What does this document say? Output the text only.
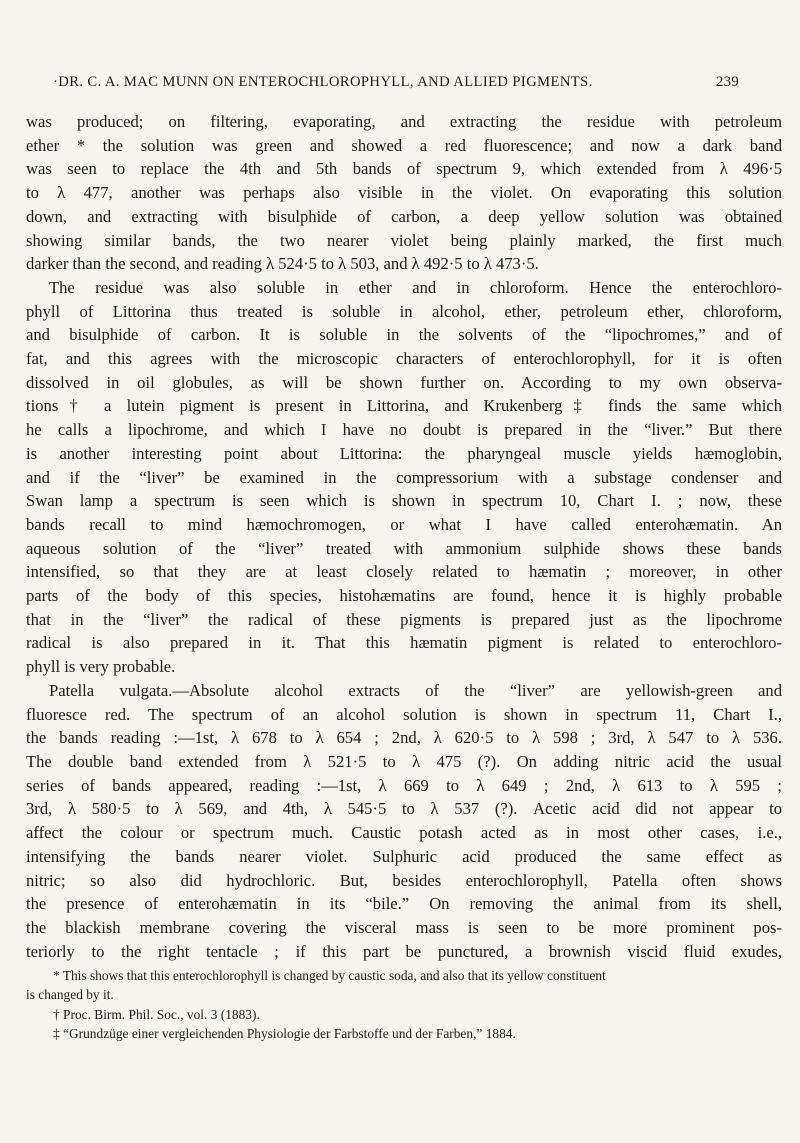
·DR. C. A. MAC MUNN ON ENTEROCHLOROPHYLL, AND ALLIED PIGMENTS.	239
was produced; on filtering, evaporating, and extracting the residue with petroleum
ether * the solution was green and showed a red fluorescence; and now a dark band
was seen to replace the 4th and 5th bands of spectrum 9, which extended from λ 496·5
to λ 477, another was perhaps also visible in the violet. On evaporating this solution
down, and extracting with bisulphide of carbon, a deep yellow solution was obtained
showing similar bands, the two nearer violet being plainly marked, the first much
darker than the second, and reading λ 524·5 to λ 503, and λ 492·5 to λ 473·5.
The residue was also soluble in ether and in chloroform. Hence the enterochloro-
phyll of Littorina thus treated is soluble in alcohol, ether, petroleum ether, chloroform,
and bisulphide of carbon. It is soluble in the solvents of the “lipochromes,” and of
fat, and this agrees with the microscopic characters of enterochlorophyll, for it is often
dissolved in oil globules, as will be shown further on. According to my own observa-
tions† a lutein pigment is present in Littorina, and Krukenberg‡ finds the same which
he calls a lipochrome, and which I have no doubt is prepared in the “liver.” But there
is another interesting point about Littorina: the pharyngeal muscle yields hæmoglobin,
and if the “liver” be examined in the compressorium with a substage condenser and
Swan lamp a spectrum is seen which is shown in spectrum 10, Chart I. ; now, these
bands recall to mind hæmochromogen, or what I have called enterohæmatin. An
aqueous solution of the “liver” treated with ammonium sulphide shows these bands
intensified, so that they are at least closely related to hæmatin ; moreover, in other
parts of the body of this species, histohæmatins are found, hence it is highly probable
that in the “liver” the radical of these pigments is prepared just as the lipochrome
radical is also prepared in it. That this hæmatin pigment is related to enterochloro-
phyll is very probable.
Patella vulgata.—Absolute alcohol extracts of the “liver” are yellowish-green and
fluoresce red. The spectrum of an alcohol solution is shown in spectrum 11, Chart I.,
the bands reading :—1st, λ 678 to λ 654 ; 2nd, λ 620·5 to λ 598 ; 3rd, λ 547 to λ 536.
The double band extended from λ 521·5 to λ 475 (?). On adding nitric acid the usual
series of bands appeared, reading :—1st, λ 669 to λ 649 ; 2nd, λ 613 to λ 595 ;
3rd, λ 580·5 to λ 569, and 4th, λ 545·5 to λ 537 (?). Acetic acid did not appear to
affect the colour or spectrum much. Caustic potash acted as in most other cases, i.e.,
intensifying the bands nearer violet. Sulphuric acid produced the same effect as
nitric; so also did hydrochloric. But, besides enterochlorophyll, Patella often shows
the presence of enterohæmatin in its “bile.” On removing the animal from its shell,
the blackish membrane covering the visceral mass is seen to be more prominent pos-
teriorly to the right tentacle ; if this part be punctured, a brownish viscid fluid exudes,
* This shows that this enterochlorophyll is changed by caustic soda, and also that its yellow constituent
is changed by it.
† Proc. Birm. Phil. Soc., vol. 3 (1883).
‡ “Grundzüge einer vergleichenden Physiologie der Farbstoffe und der Farben,” 1884.
